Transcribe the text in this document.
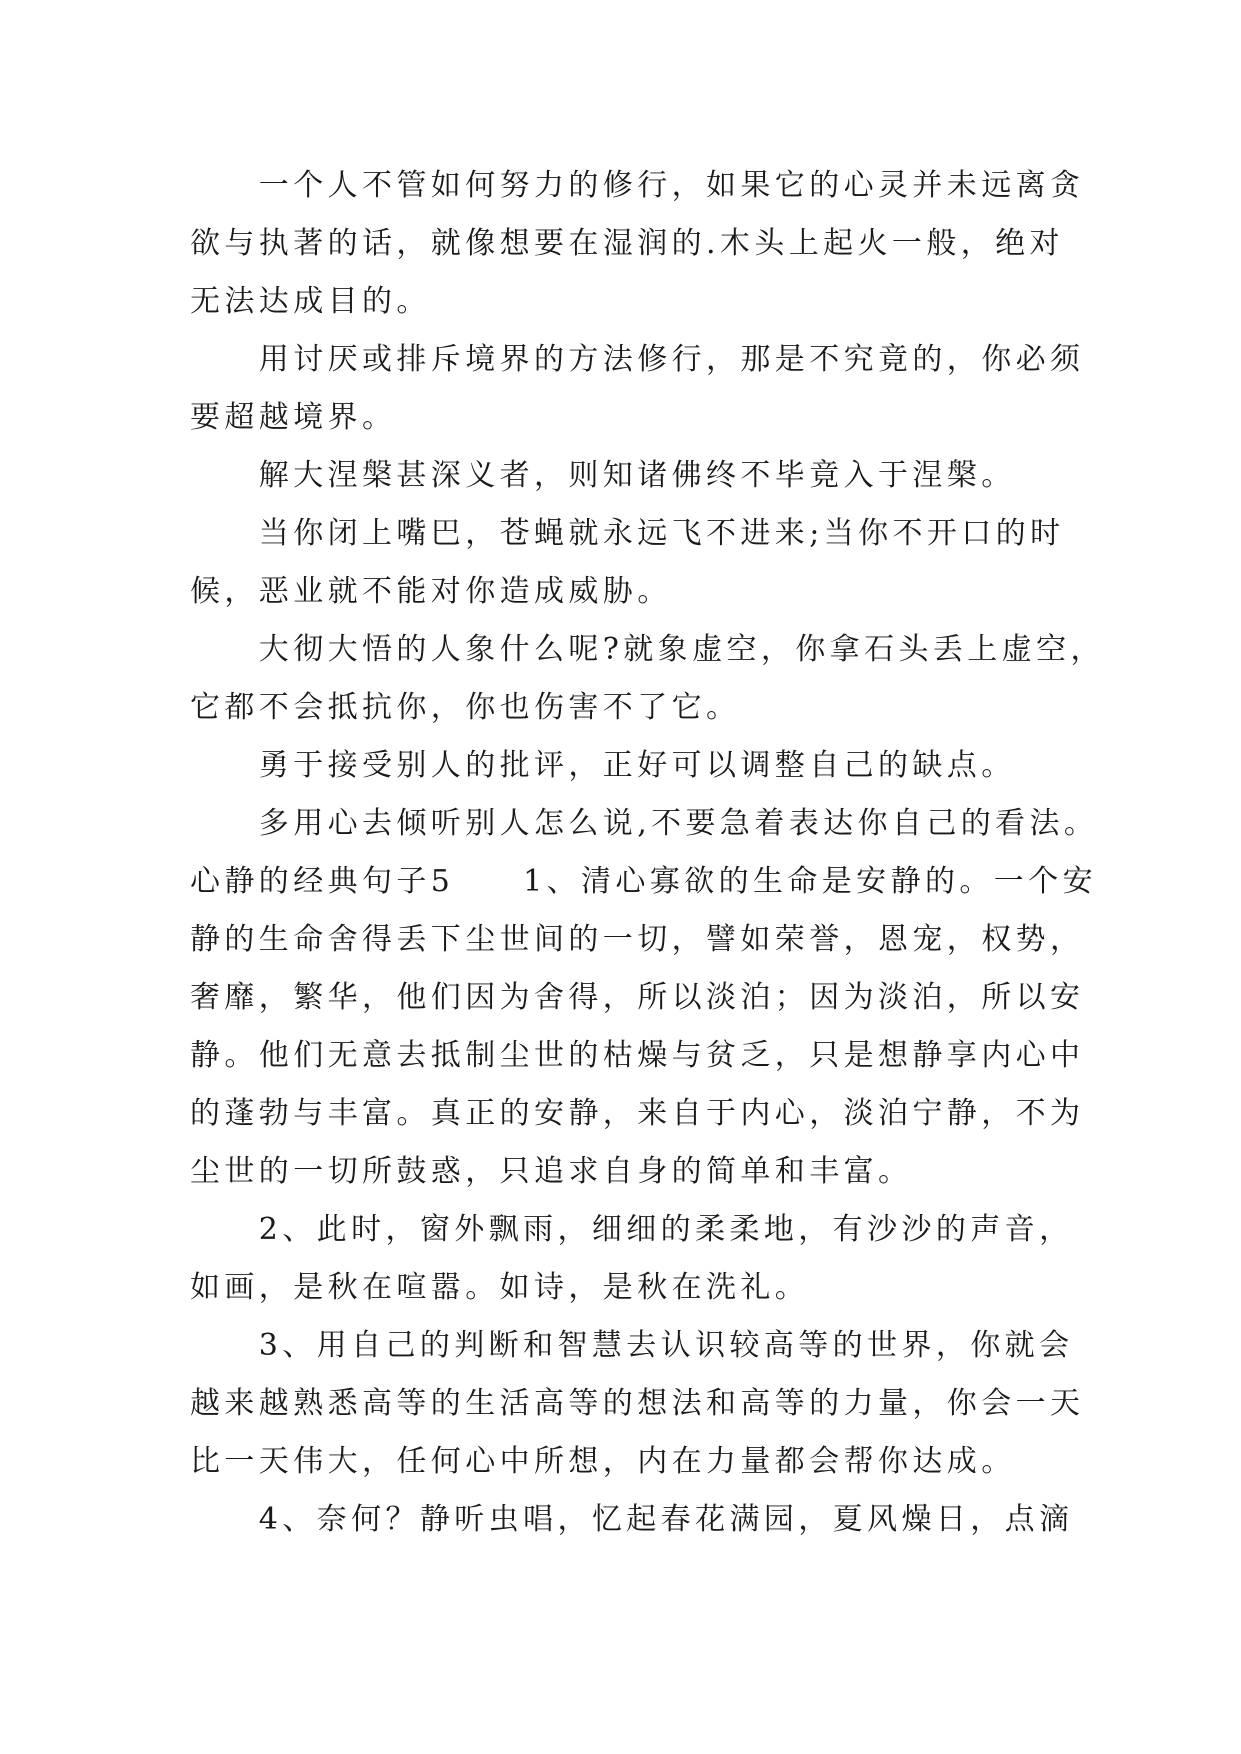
　　一个人不管如何努力的修行，如果它的心灵并未远离贪
欲与执著的话，就像想要在湿润的.木头上起火一般，绝对
无法达成目的。
　　用讨厌或排斥境界的方法修行，那是不究竟的，你必须
要超越境界。
　　解大涅槃甚深义者，则知诸佛终不毕竟入于涅槃。
　　当你闭上嘴巴，苍蝇就永远飞不进来;当你不开口的时
候，恶业就不能对你造成威胁。
　　大彻大悟的人象什么呢?就象虚空，你拿石头丢上虚空，
它都不会抵抗你，你也伤害不了它。
　　勇于接受别人的批评，正好可以调整自己的缺点。
　　多用心去倾听别人怎么说,不要急着表达你自己的看法。
心静的经典句子5　　1、清心寡欲的生命是安静的。一个安
静的生命舍得丢下尘世间的一切，譬如荣誉，恩宠，权势，
奢靡，繁华，他们因为舍得，所以淡泊；因为淡泊，所以安
静。他们无意去抵制尘世的枯燥与贫乏，只是想静享内心中
的蓬勃与丰富。真正的安静，来自于内心，淡泊宁静，不为
尘世的一切所鼓惑，只追求自身的简单和丰富。
　　2、此时，窗外飘雨，细细的柔柔地，有沙沙的声音，
如画，是秋在喧嚣。如诗，是秋在洗礼。
　　3、用自己的判断和智慧去认识较高等的世界，你就会
越来越熟悉高等的生活高等的想法和高等的力量，你会一天
比一天伟大，任何心中所想，内在力量都会帮你达成。
　　4、奈何？静听虫唱，忆起春花满园，夏风燥日，点滴
